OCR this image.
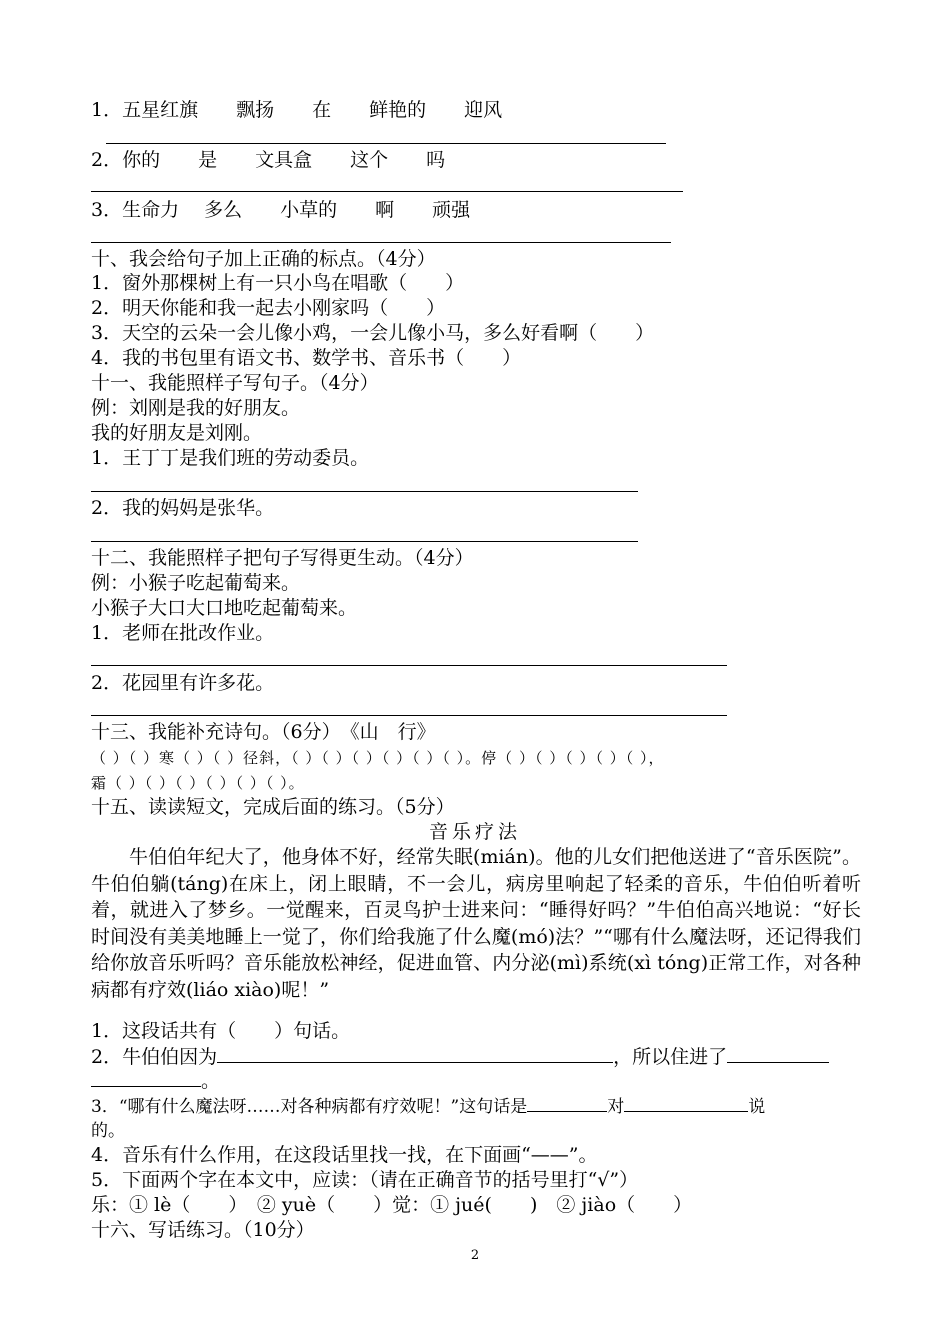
1．五星红旗　　飘扬　　在　　鲜艳的　　迎风
2．你的　　是　　文具盒　　这个　　吗
3．生命力　 多么　　小草的　　啊　　顽强
十、我会给句子加上正确的标点。（4分）
1．窗外那棵树上有一只小鸟在唱歌（　　）
2．明天你能和我一起去小刚家吗（　　）
3．天空的云朵一会儿像小鸡，一会儿像小马，多么好看啊（　　）
4．我的书包里有语文书、数学书、音乐书（　　）
十一、我能照样子写句子。（4分）
例：刘刚是我的好朋友。
我的好朋友是刘刚。
1．王丁丁是我们班的劳动委员。
2．我的妈妈是张华。
十二、我能照样子把句子写得更生动。（4分）
例：小猴子吃起葡萄来。
小猴子大口大口地吃起葡萄来。
1．老师在批改作业。
2．花园里有许多花。
十三、我能补充诗句。（6分）　《山　行》
（ ）（ ）寒（ ）（ ）径斜，（ ）（ ）（ ）（ ）（ ）（ ）。停（ ）（ ）（ ）（ ）（ ），
霜（ ）（ ）（ ）（ ）（ ）（ ）。
十五、读读短文，完成后面的练习。（5分）
音乐疗法

牛伯伯年纪大了，他身体不好，经常失眠(mián)。他的儿女们把他送进了“音乐医院”。牛伯伯躺(táng)在床上，闭上眼睛，不一会儿，病房里响起了轻柔的音乐，牛伯伯听着听着，就进入了梦乡。一觉醒来，百灵鸟护士进来问：“睡得好吗？”牛伯伯高兴地说：“好长时间没有美美地睡上一觉了，你们给我施了什么魔(mó)法？”“哪有什么魔法呀，还记得我们给你放音乐听吗？音乐能放松神经，促进血管、内分泌(mì)系统(xì tóng)正常工作，对各种病都有疗效(liáo xiào)呢！”

1．这段话共有（　　）句话。
2．牛伯伯因为	，所以住进了
。
3．“哪有什么魔法呀……对各种病都有疗效呢！”这句话是	对	说
的。
4．音乐有什么作用，在这段话里找一找，在下面画“——”。
5．下面两个字在本文中，应读：（请在正确音节的括号里打“√”）
乐：① lè（　　）　② yuè（　　）觉：① jué(　　)　② jiào（　　）
十六、写话练习。（10分）
2
